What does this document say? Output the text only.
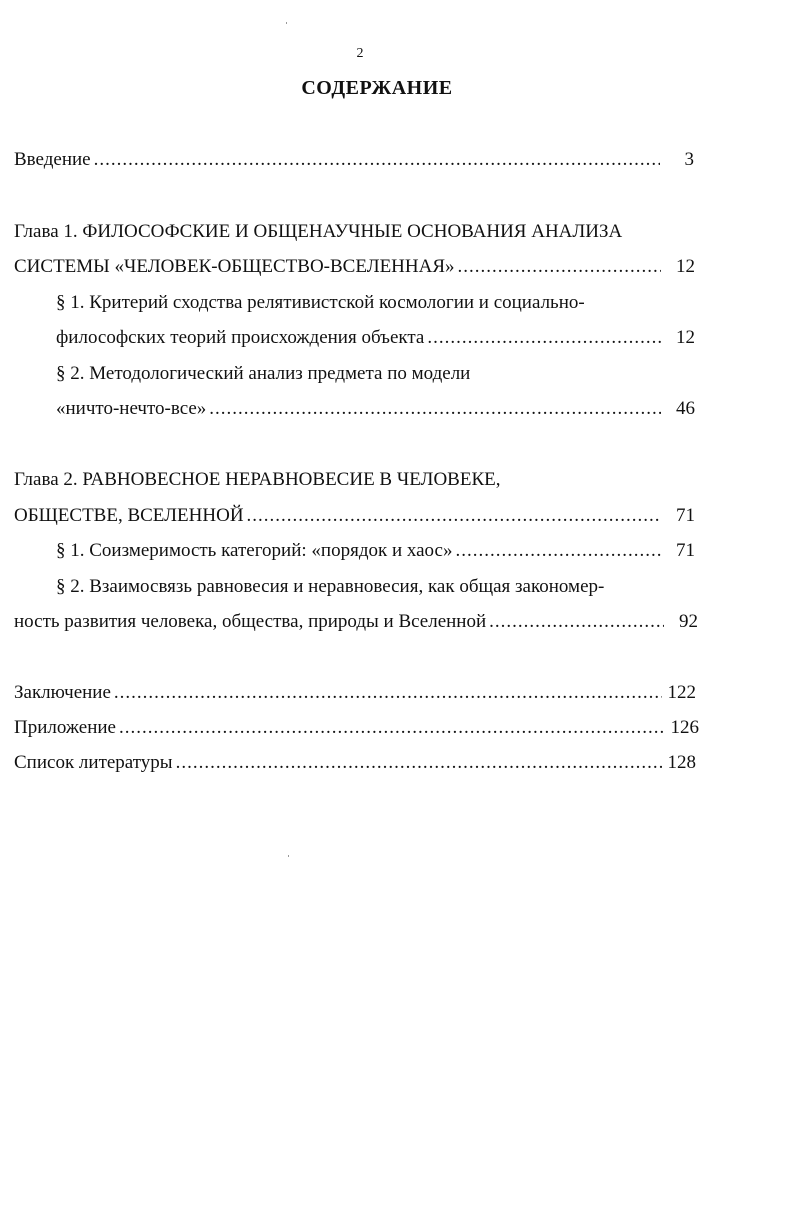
2
СОДЕРЖАНИЕ
Введение .....	3
Глава 1. ФИЛОСОФСКИЕ И ОБЩЕНАУЧНЫЕ ОСНОВАНИЯ АНАЛИЗА
СИСТЕМЫ «ЧЕЛОВЕК-ОБЩЕСТВО-ВСЕЛЕННАЯ» .....	12
§ 1. Критерий сходства релятивистской космологии и социально-
философских теорий происхождения объекта .....	12
§ 2. Методологический анализ предмета по модели
«ничто-нечто-все» .....	46
Глава 2. РАВНОВЕСНОЕ НЕРАВНОВЕСИЕ В ЧЕЛОВЕКЕ,
ОБЩЕСТВЕ, ВСЕЛЕННОЙ .....	71
§ 1. Соизмеримость категорий: «порядок и хаос» .....	71
§ 2. Взаимосвязь равновесия и неравновесия, как общая закономер-
ность развития человека, общества, природы и Вселенной .....	92
Заключение .....	122
Приложение .....	126
Список литературы .....	128
